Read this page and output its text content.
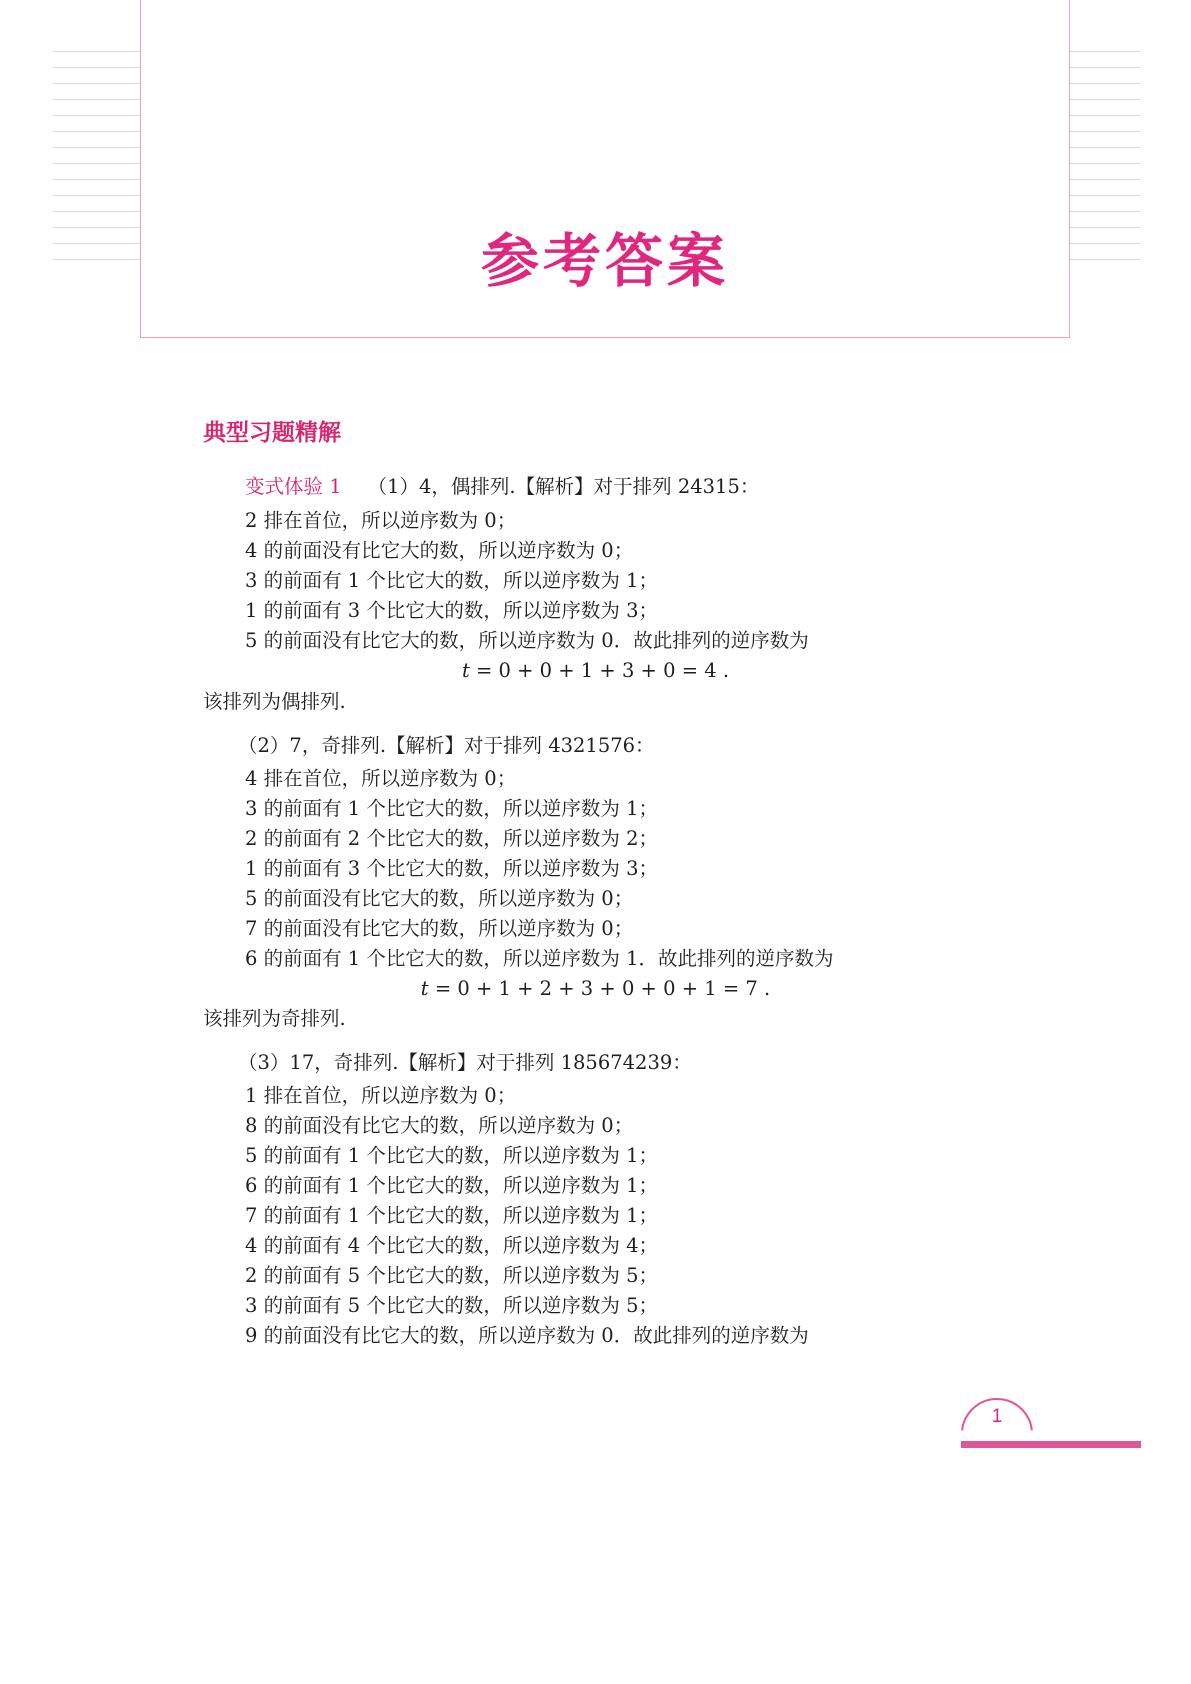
参考答案
典型习题精解
变式体验 1 （1）4，偶排列.【解析】对于排列 24315：
2 排在首位，所以逆序数为 0；
4 的前面没有比它大的数，所以逆序数为 0；
3 的前面有 1 个比它大的数，所以逆序数为 1；
1 的前面有 3 个比它大的数，所以逆序数为 3；
5 的前面没有比它大的数，所以逆序数为 0．故此排列的逆序数为
t = 0 + 0 + 1 + 3 + 0 = 4 .
该排列为偶排列.
（2）7，奇排列.【解析】对于排列 4321576：
4 排在首位，所以逆序数为 0；
3 的前面有 1 个比它大的数，所以逆序数为 1；
2 的前面有 2 个比它大的数，所以逆序数为 2；
1 的前面有 3 个比它大的数，所以逆序数为 3；
5 的前面没有比它大的数，所以逆序数为 0；
7 的前面没有比它大的数，所以逆序数为 0；
6 的前面有 1 个比它大的数，所以逆序数为 1．故此排列的逆序数为
t = 0 + 1 + 2 + 3 + 0 + 0 + 1 = 7 .
该排列为奇排列.
（3）17，奇排列.【解析】对于排列 185674239：
1 排在首位，所以逆序数为 0；
8 的前面没有比它大的数，所以逆序数为 0；
5 的前面有 1 个比它大的数，所以逆序数为 1；
6 的前面有 1 个比它大的数，所以逆序数为 1；
7 的前面有 1 个比它大的数，所以逆序数为 1；
4 的前面有 4 个比它大的数，所以逆序数为 4；
2 的前面有 5 个比它大的数，所以逆序数为 5；
3 的前面有 5 个比它大的数，所以逆序数为 5；
9 的前面没有比它大的数，所以逆序数为 0．故此排列的逆序数为
1
